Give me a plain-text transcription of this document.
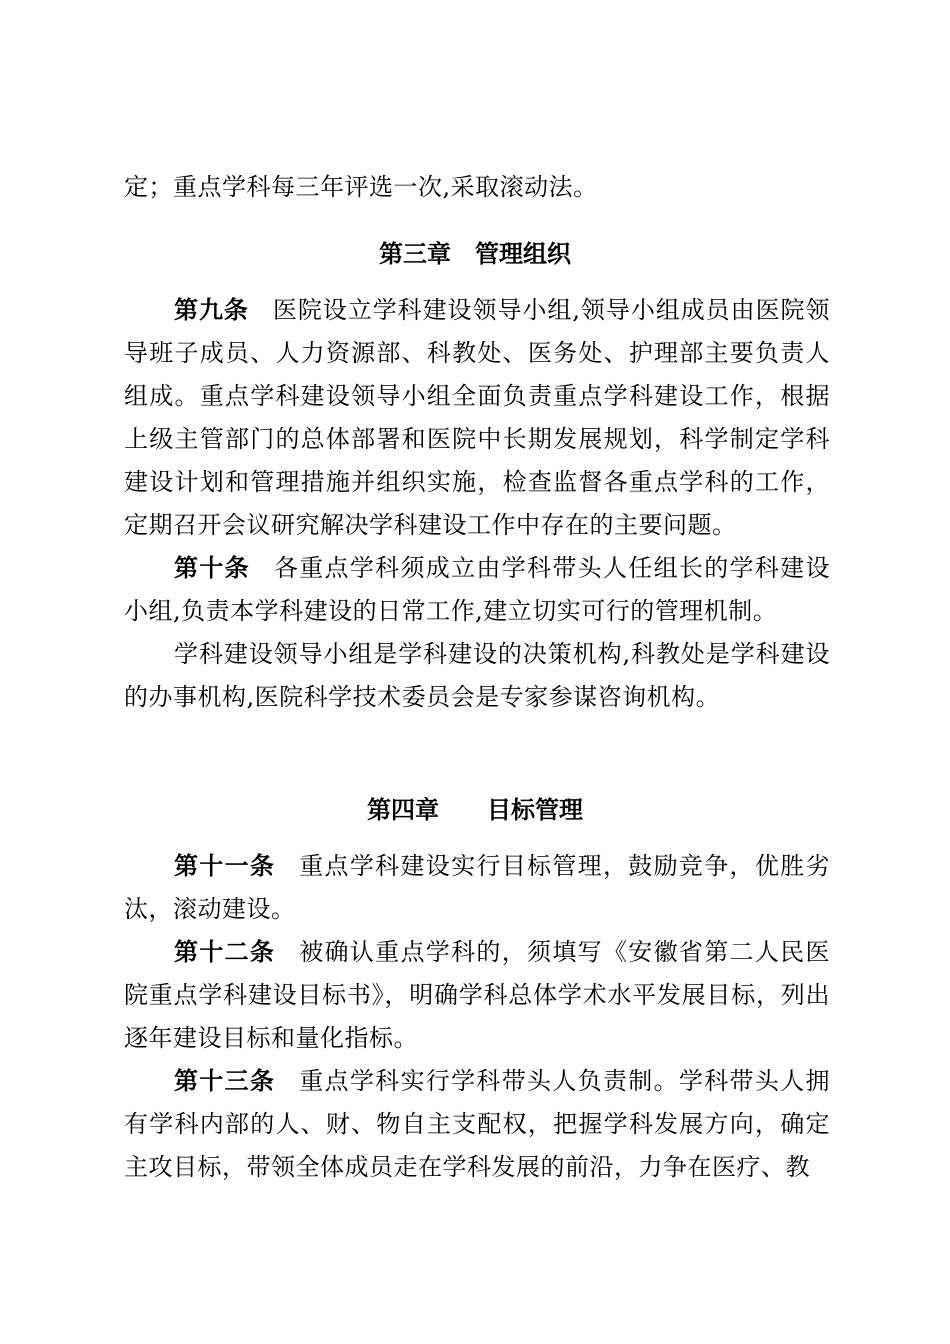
定；重点学科每三年评选一次,采取滚动法。

第三章　管理组织

第九条 医院设立学科建设领导小组,领导小组成员由医院领导班子成员、人力资源部、科教处、医务处、护理部主要负责人组成。重点学科建设领导小组全面负责重点学科建设工作，根据上级主管部门的总体部署和医院中长期发展规划，科学制定学科建设计划和管理措施并组织实施，检查监督各重点学科的工作，定期召开会议研究解决学科建设工作中存在的主要问题。

第十条 各重点学科须成立由学科带头人任组长的学科建设小组,负责本学科建设的日常工作,建立切实可行的管理机制。

学科建设领导小组是学科建设的决策机构,科教处是学科建设的办事机构,医院科学技术委员会是专家参谋咨询机构。

第四章　　目标管理

第十一条 重点学科建设实行目标管理，鼓励竞争，优胜劣汰，滚动建设。

第十二条 被确认重点学科的，须填写《安徽省第二人民医院重点学科建设目标书》，明确学科总体学术水平发展目标，列出逐年建设目标和量化指标。

第十三条 重点学科实行学科带头人负责制。学科带头人拥有学科内部的人、财、物自主支配权，把握学科发展方向，确定主攻目标，带领全体成员走在学科发展的前沿，力争在医疗、教
